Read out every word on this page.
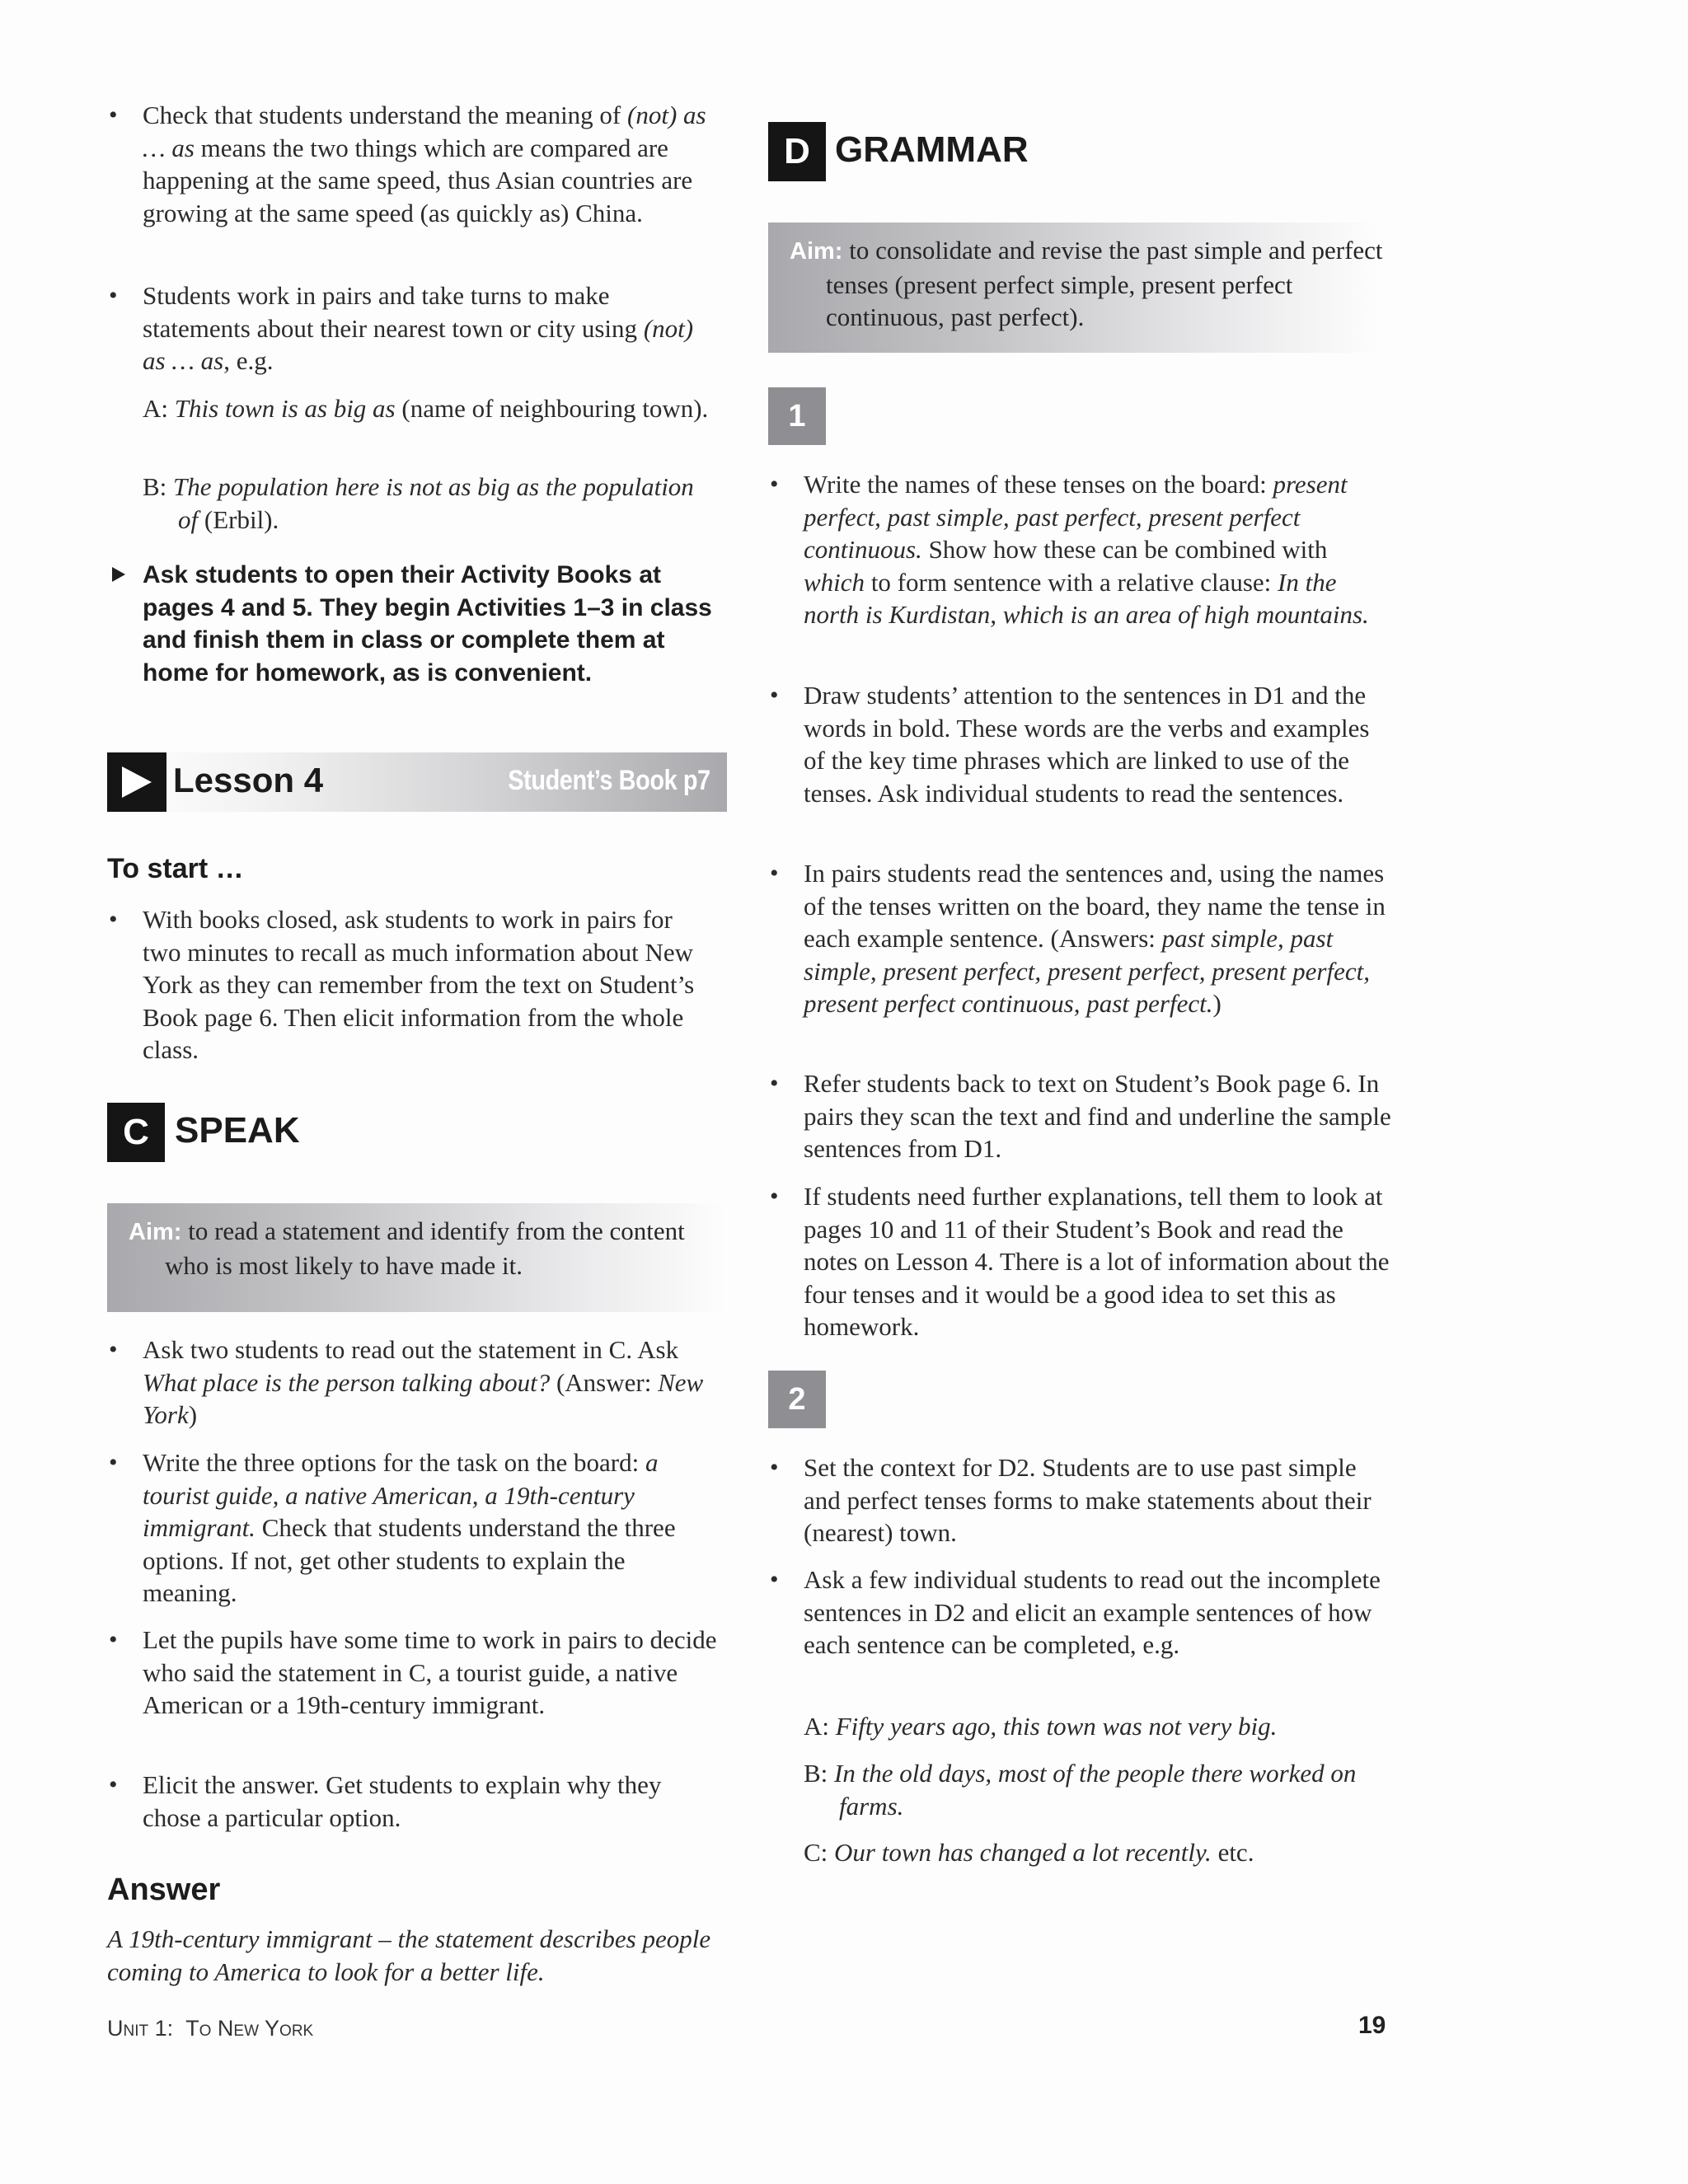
• Check that students understand the meaning of (not) as … as means the two things which are compared are happening at the same speed, thus Asian countries are growing at the same speed (as quickly as) China.
• Students work in pairs and take turns to make statements about their nearest town or city using (not) as … as, e.g.
A: This town is as big as (name of neighbouring town).
B: The population here is not as big as the population of (Erbil).
Ask students to open their Activity Books at pages 4 and 5. They begin Activities 1–3 in class and finish them in class or complete them at home for homework, as is convenient.
Lesson 4	Student’s Book p7
To start …
• With books closed, ask students to work in pairs for two minutes to recall as much information about New York as they can remember from the text on Student’s Book page 6. Then elicit information from the whole class.
C SPEAK
Aim: to read a statement and identify from the content who is most likely to have made it.
• Ask two students to read out the statement in C. Ask What place is the person talking about? (Answer: New York)
• Write the three options for the task on the board: a tourist guide, a native American, a 19th-century immigrant. Check that students understand the three options. If not, get other students to explain the meaning.
• Let the pupils have some time to work in pairs to decide who said the statement in C, a tourist guide, a native American or a 19th-century immigrant.
• Elicit the answer. Get students to explain why they chose a particular option.
Answer
A 19th-century immigrant – the statement describes people coming to America to look for a better life.
D GRAMMAR
Aim: to consolidate and revise the past simple and perfect tenses (present perfect simple, present perfect continuous, past perfect).
1
• Write the names of these tenses on the board: present perfect, past simple, past perfect, present perfect continuous. Show how these can be combined with which to form sentence with a relative clause: In the north is Kurdistan, which is an area of high mountains.
• Draw students’ attention to the sentences in D1 and the words in bold. These words are the verbs and examples of the key time phrases which are linked to use of the tenses. Ask individual students to read the sentences.
• In pairs students read the sentences and, using the names of the tenses written on the board, they name the tense in each example sentence. (Answers: past simple, past simple, present perfect, present perfect, present perfect, present perfect continuous, past perfect.)
• Refer students back to text on Student’s Book page 6. In pairs they scan the text and find and underline the sample sentences from D1.
• If students need further explanations, tell them to look at pages 10 and 11 of their Student’s Book and read the notes on Lesson 4. There is a lot of information about the four tenses and it would be a good idea to set this as homework.
2
• Set the context for D2. Students are to use past simple and perfect tenses forms to make statements about their (nearest) town.
• Ask a few individual students to read out the incomplete sentences in D2 and elicit an example sentences of how each sentence can be completed, e.g.
A: Fifty years ago, this town was not very big.
B: In the old days, most of the people there worked on farms.
C: Our town has changed a lot recently. etc.
Unit 1: To New York	19
